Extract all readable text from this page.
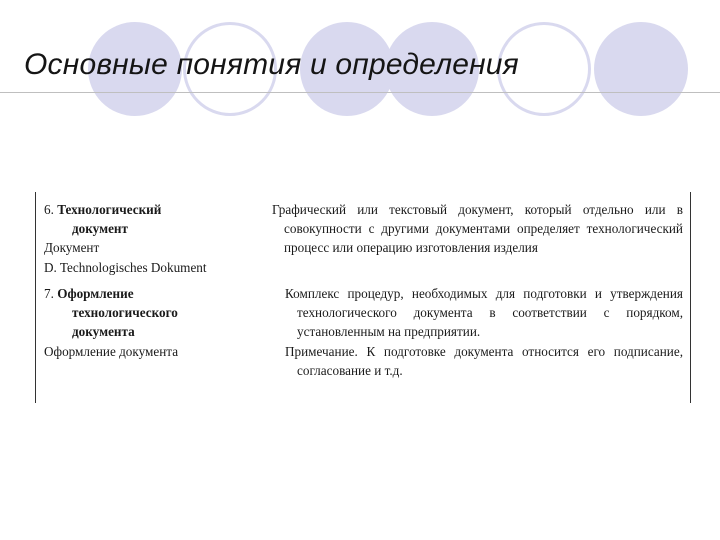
Основные понятия и определения
6. Технологический
документ
Документ
D. Technologisches Dokument
Графический или текстовый документ, который отдельно или в совокупности с другими документами определяет технологический процесс или операцию изготовления изделия
7. Оформление
технологического
документа
Оформление документа
Комплекс процедур, необходимых для подготовки и утверждения технологического документа в соответствии с порядком, установленным на предприятии.
Примечание. К подготовке документа относится его подписание, согласование и т.д.
